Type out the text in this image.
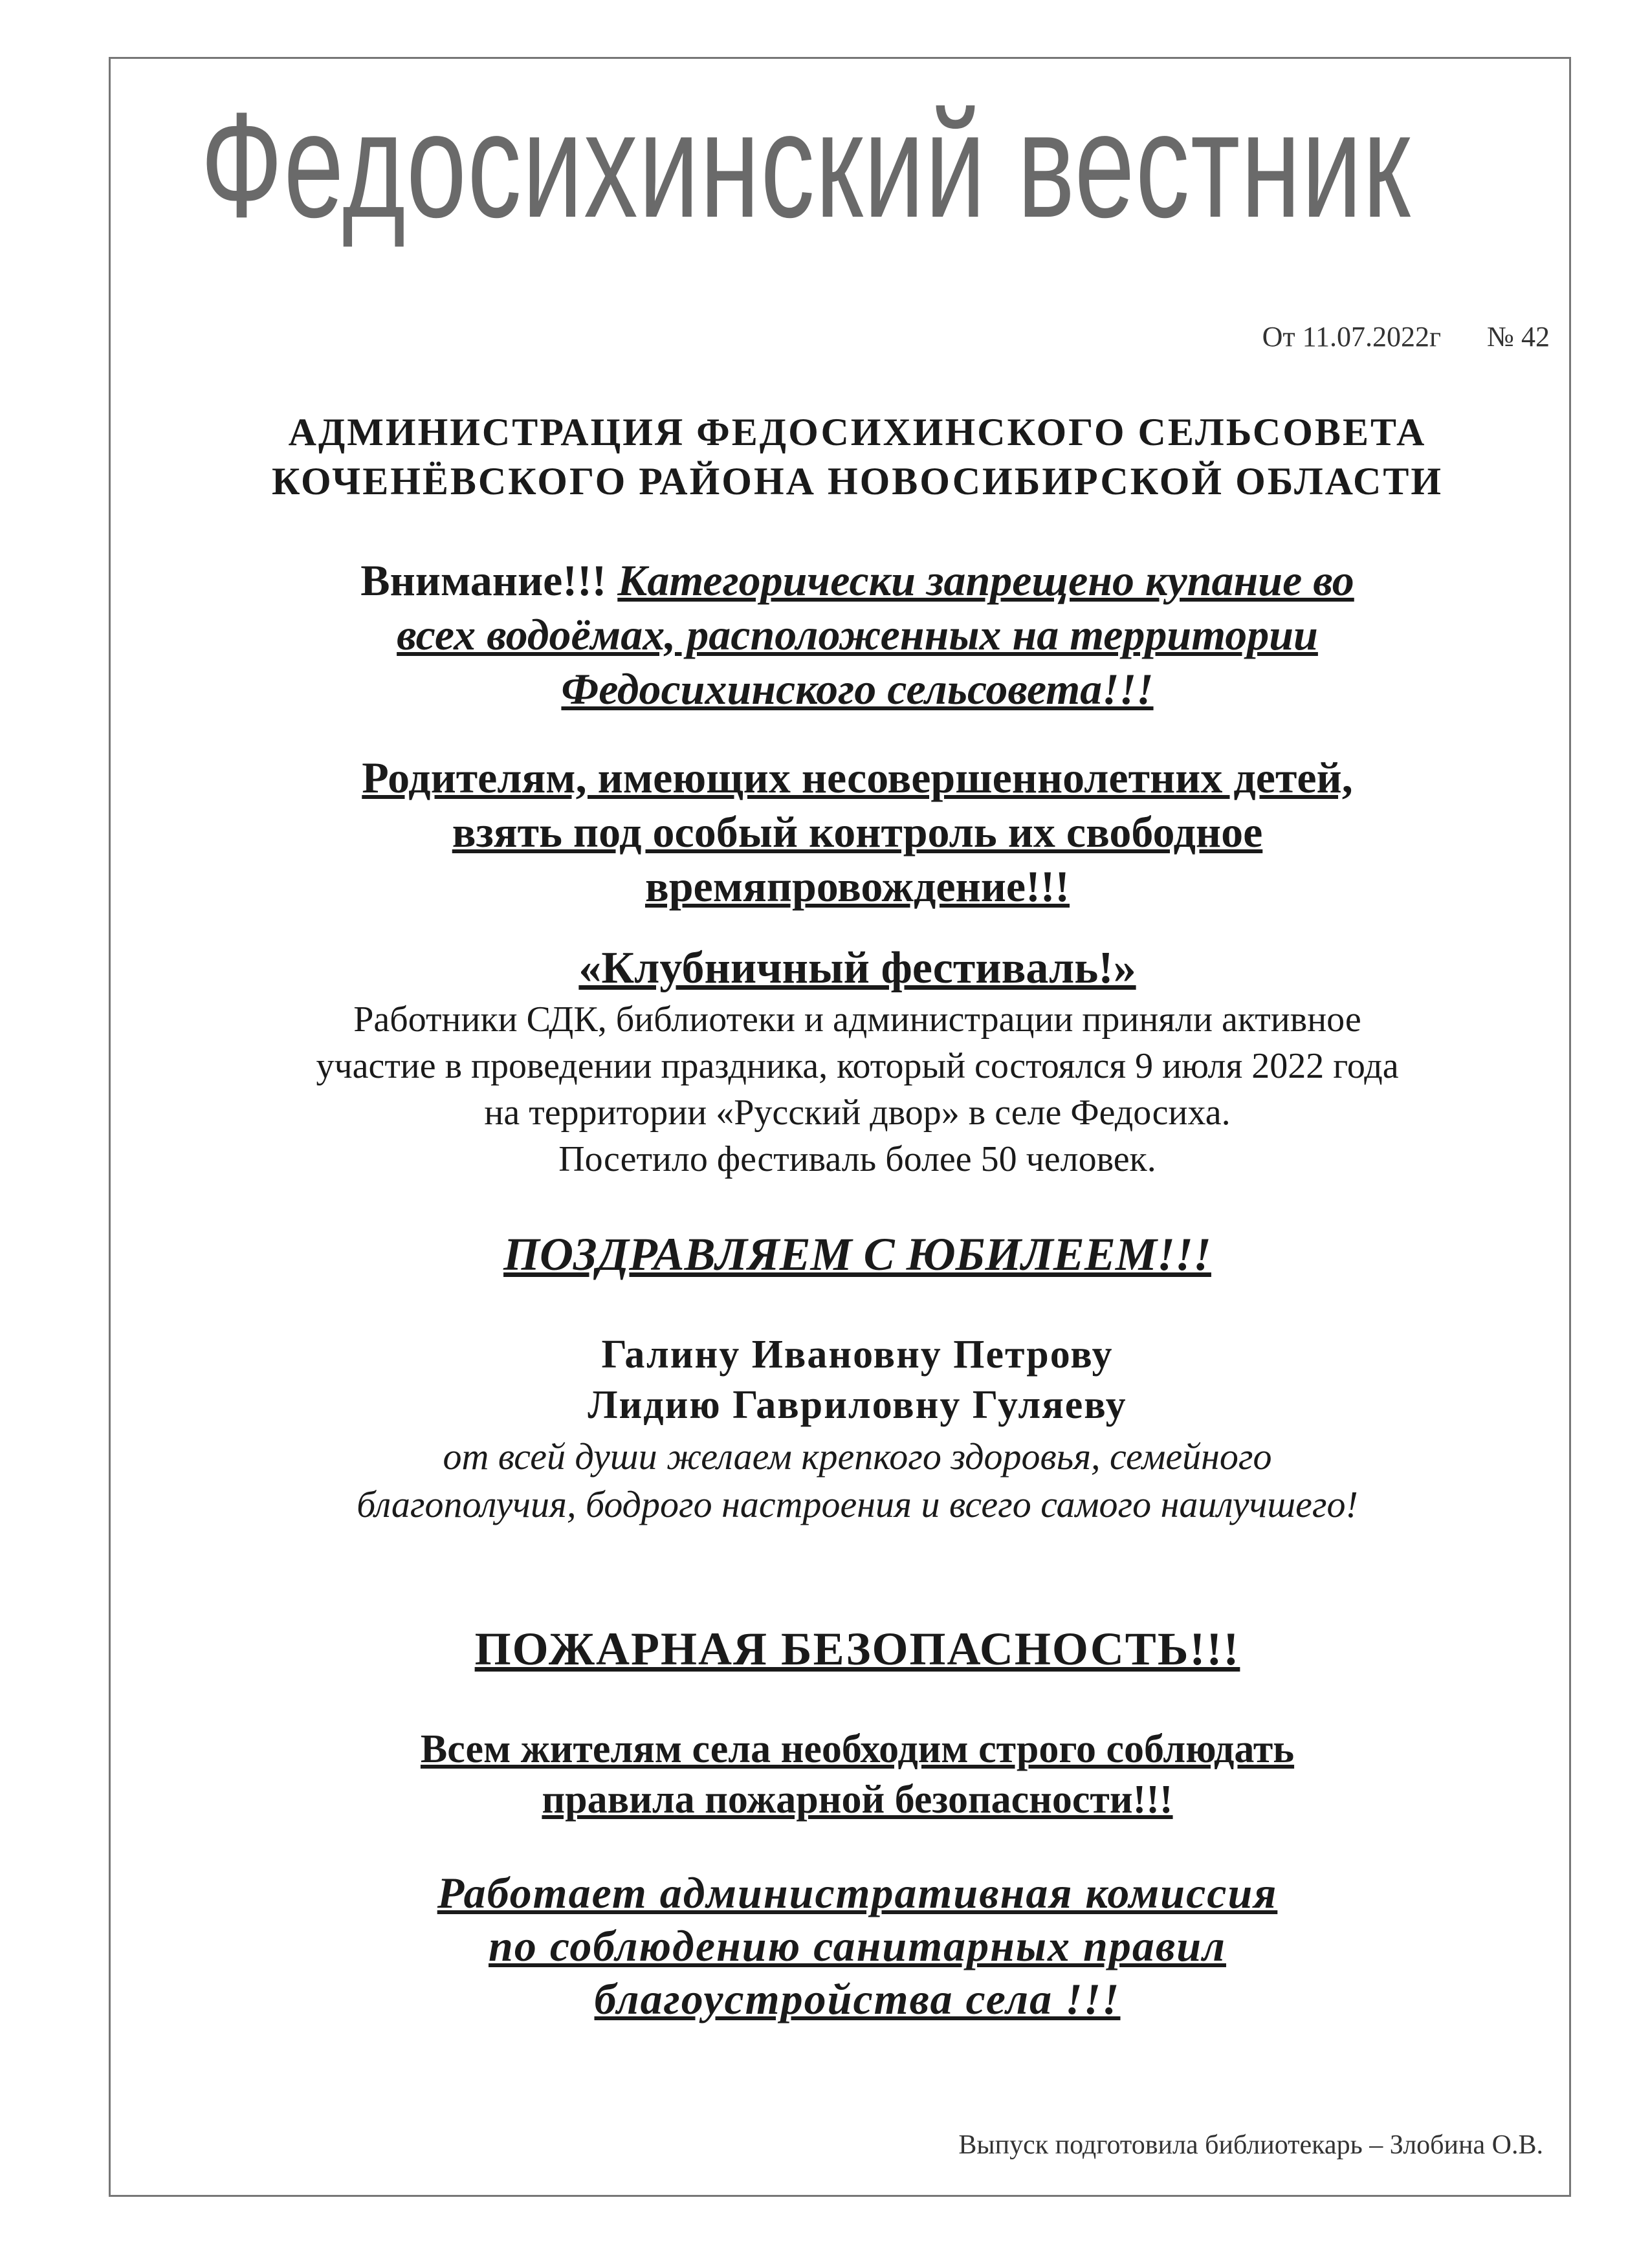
Федосихинский вестник
От 11.07.2022г № 42
АДМИНИСТРАЦИЯ ФЕДОСИХИНСКОГО СЕЛЬСОВЕТА
КОЧЕНЁВСКОГО РАЙОНА НОВОСИБИРСКОЙ ОБЛАСТИ
Внимание!!! Категорически запрещено купание во
всех водоёмах, расположенных на территории
Федосихинского сельсовета!!!
Родителям, имеющих несовершеннолетних детей,
взять под особый контроль их свободное
времяпровождение!!!
«Клубничный фестиваль!»
Работники СДК, библиотеки и администрации приняли активное
участие в проведении праздника, который состоялся 9 июля 2022 года
на территории «Русский двор» в селе Федосиха.
Посетило фестиваль более 50 человек.
ПОЗДРАВЛЯЕМ С ЮБИЛЕЕМ!!!
Галину Ивановну Петрову
Лидию Гавриловну Гуляеву
от всей души желаем крепкого здоровья, семейного
благополучия, бодрого настроения и всего самого наилучшего!
ПОЖАРНАЯ БЕЗОПАСНОСТЬ!!!
Всем жителям села необходим строго соблюдать
правила пожарной безопасности!!!
Работает административная комиссия
по соблюдению санитарных правил
благоустройства села !!!
Выпуск подготовила библиотекарь – Злобина О.В.
